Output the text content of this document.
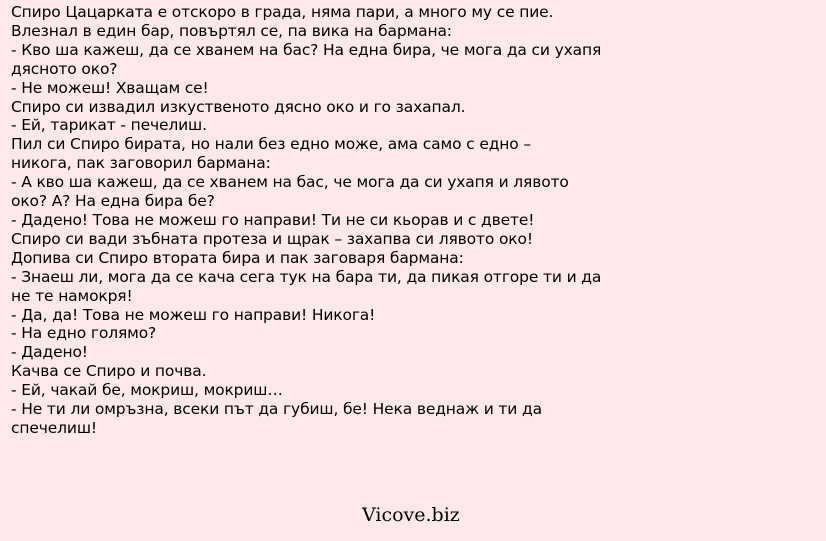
Спиро Цацарката е отскоро в града, няма пари, а много му се пие.
Влезнал в един бар, повъртял се, па вика на бармана:
- Кво ша кажеш, да се хванем на бас? На една бира, че мога да си ухапя
дясното око?
- Не можеш! Хващам се!
Спиро си извадил изкуственото дясно око и го захапал.
- Ей, тарикат - печелиш.
Пил си Спиро бирата, но нали без едно може, ама само с едно –
никога, пак заговорил бармана:
- А кво ша кажеш, да се хванем на бас, че мога да си ухапя и лявото
око? А? На една бира бе?
- Дадено! Това не можеш го направи! Ти не си кьорав и с двете!
Спиро си вади зъбната протеза и щрак – захапва си лявото око!
Допива си Спиро втората бира и пак заговаря бармана:
- Знаеш ли, мога да се кача сега тук на бара ти, да пикая отгоре ти и да
не те намокря!
- Да, да! Това не можеш го направи! Никога!
- На едно голямо?
- Дадено!
Качва се Спиро и почва.
- Ей, чакай бе, мокриш, мокриш…
- Не ти ли омръзна, всеки път да губиш, бе! Нека веднаж и ти да
спечелиш!
Vicove.biz
